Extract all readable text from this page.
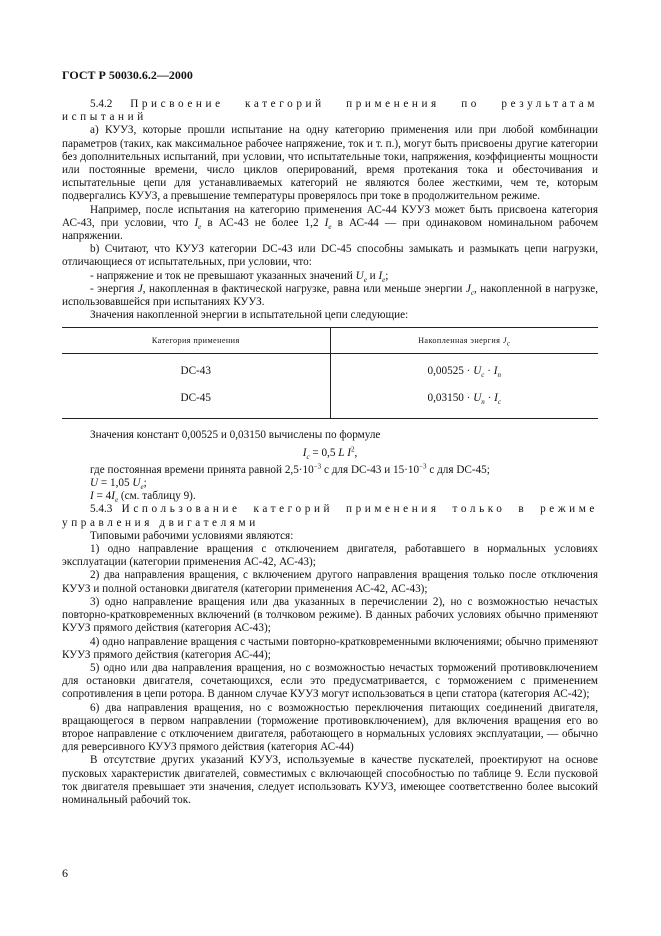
ГОСТ Р 50030.6.2—2000

5.4.2 Присвоение категорий применения по результатам испытаний

а) КУУЗ, которые прошли испытание на одну категорию применения или при любой комбинации параметров (таких, как максимальное рабочее напряжение, ток и т. п.), могут быть присвоены другие категории без дополнительных испытаний, при условии, что испытательные токи, напряжения, коэффициенты мощности или постоянные времени, число циклов оперирований, время протекания тока и обесточивания и испытательные цепи для устанавливаемых категорий не являются более жесткими, чем те, которым подвергались КУУЗ, а превышение температуры проверялось при токе в продолжительном режиме.

Например, после испытания на категорию применения АС-44 КУУЗ может быть присвоена категория АС-43, при условии, что $I_е$ в АС-43 не более 1,2 $I_е$ в АС-44 — при одинаковом номинальном рабочем напряжении.

b) Считают, что КУУЗ категории DC-43 или DC-45 способны замыкать и размыкать цепи нагрузки, отличающиеся от испытательных, при условии, что:

- напряжение и ток не превышают указанных значений $U_е$ и $I_е$;

- энергия J, накопленная в фактической нагрузке, равна или меньше энергии $J_c$, накопленной в нагрузке, использовавшейся при испытаниях КУУЗ.

Значения накопленной энергии в испытательной цепи следующие:

Категория применения	Накопленная энергия $J_c$
DC-43	$0,00525 \cdot U_c \cdot I_n$
DC-45	$0,03150 \cdot U_n \cdot I_c$

Значения констант 0,00525 и 0,03150 вычислены по формуле

$I_c = 0,5$ L $I^2$,

где постоянная времени принята равной $2,5\cdot 10^{-3}$ с для DC-43 и $15\cdot 10^{-3}$ с для DC-45;

U = 1,05 $U_e$;

$I = 4I_e$ (см. таблицу 9).

5.4.3 Использование категорий применения только в режиме управления двигателями

Типовыми рабочими условиями являются:

1) одно направление вращения с отключением двигателя, работавшего в нормальных условиях эксплуатации (категории применения АС-42, АС-43);

2) два направления вращения, с включением другого направления вращения только после отключения КУУЗ и полной остановки двигателя (категории применения АС-42, АС-43);

3) одно направление вращения или два указанных в перечислении 2), но с возможностью нечастых повторно-кратковременных включений (в толчковом режиме). В данных рабочих условиях обычно применяют КУУЗ прямого действия (категория АС-43);

4) одно направление вращения с частыми повторно-кратковременными включениями; обычно применяют КУУЗ прямого действия (категория АС-44);

5) одно или два направления вращения, но с возможностью нечастых торможений противовключением для остановки двигателя, сочетающихся, если это предусматривается, с торможением с применением сопротивления в цепи ротора. В данном случае КУУЗ могут использоваться в цепи статора (категория АС-42);

6) два направления вращения, но с возможностью переключения питающих соединений двигателя, вращающегося в первом направлении (торможение противовключением), для включения вращения его во второе направление с отключением двигателя, работающего в нормальных условиях эксплуатации, — обычно для реверсивного КУУЗ прямого действия (категория АС-44)

В отсутствие других указаний КУУЗ, используемые в качестве пускателей, проектируют на основе пусковых характеристик двигателей, совместимых с включающей способностью по таблице 9. Если пусковой ток двигателя превышает эти значения, следует использовать КУУЗ, имеющее соответственно более высокий номинальный рабочий ток.

6
